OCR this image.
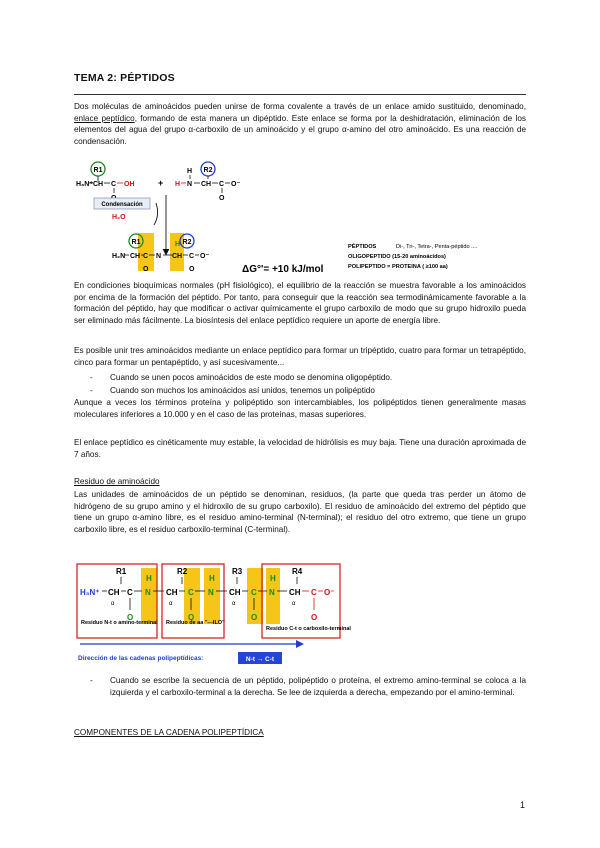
TEMA 2: PÉPTIDOS
Dos moléculas de aminoácidos pueden unirse de forma covalente a través de un enlace amido sustituido, denominado, enlace peptídico, formando de esta manera un dipéptido. Este enlace se forma por la deshidratación, eliminación de los elementos del agua del grupo α-carboxilo de un aminoácido y el grupo α-amino del otro aminoácido. Es una reacción de condensación.
R1
H₃N⁺ CH C OH	+ H N
H
CH
R2
C O⁻
O
Condensación
H₂O
R1	R2
H
H₂N CH C N CH C O⁻
O	O	ΔG°'= +10 kJ/mol
PÉPTIDOS	Di-, Tri-, Tetra-, Penta-péptido ....
OLIGOPEPTIDO (15-20 aminoácidos)
POLIPEPTIDO = PROTEINA ( ≥100 aa)
En condiciones bioquímicas normales (pH fisiológico), el equilibrio de la reacción se muestra favorable a los aminoácidos por encima de la formación del péptido. Por tanto, para conseguir que la reacción sea termodinámicamente favorable a la formación del péptido, hay que modificar o activar químicamente el grupo carboxilo de modo que su grupo hidroxilo pueda ser eliminado más fácilmente. La biosíntesis del enlace peptídico requiere un aporte de energía libre.
Es posible unir tres aminoácidos mediante un enlace peptídico para formar un tripéptido, cuatro para formar un tetrapéptido, cinco para formar un pentapéptido, y así sucesivamente...
- Cuando se unen pocos aminoácidos de este modo se denomina oligopéptido.
- Cuando son muchos los aminoácidos así unidos, tenemos un polipéptido
Aunque a veces los términos proteína y polipéptido son intercambiables, los polipéptidos tienen generalmente masas moleculares inferiores a 10.000 y en el caso de las proteínas, masas superiores.
El enlace peptídico es cinéticamente muy estable, la velocidad de hidrólisis es muy baja. Tiene una duración aproximada de 7 años.
Residuo de aminoácido
Las unidades de aminoácidos de un péptido se denominan, residuos, (la parte que queda tras perder un átomo de hidrógeno de su grupo amino y el hidroxilo de su grupo carboxilo). El residuo de aminoácido del extremo del péptido que tiene un grupo α-amino libre, es el residuo amino-terminal (N-terminal); el residuo del otro extremo, que tiene un grupo carboxilo libre, es el residuo carboxilo-terminal (C-terminal).
R1	R2	R3	R4
H	H	H
H₃N⁺ CH C N CH C N CH C N CH C O⁻
α	α	α	α
O	O	O	O
Residuo N-t o amino-terminal Residuo de aa "---ILO"
Residuo C-t o carboxilo-terminal
Dirección de las cadenas polipeptídicas:	N-t → C-t
- Cuando se escribe la secuencia de un péptido, polipéptido o proteína, el extremo amino-terminal se coloca a la izquierda y el carboxilo-terminal a la derecha. Se lee de izquierda a derecha, empezando por el amino-terminal.
COMPONENTES DE LA CADENA POLIPEPTÍDICA
1
